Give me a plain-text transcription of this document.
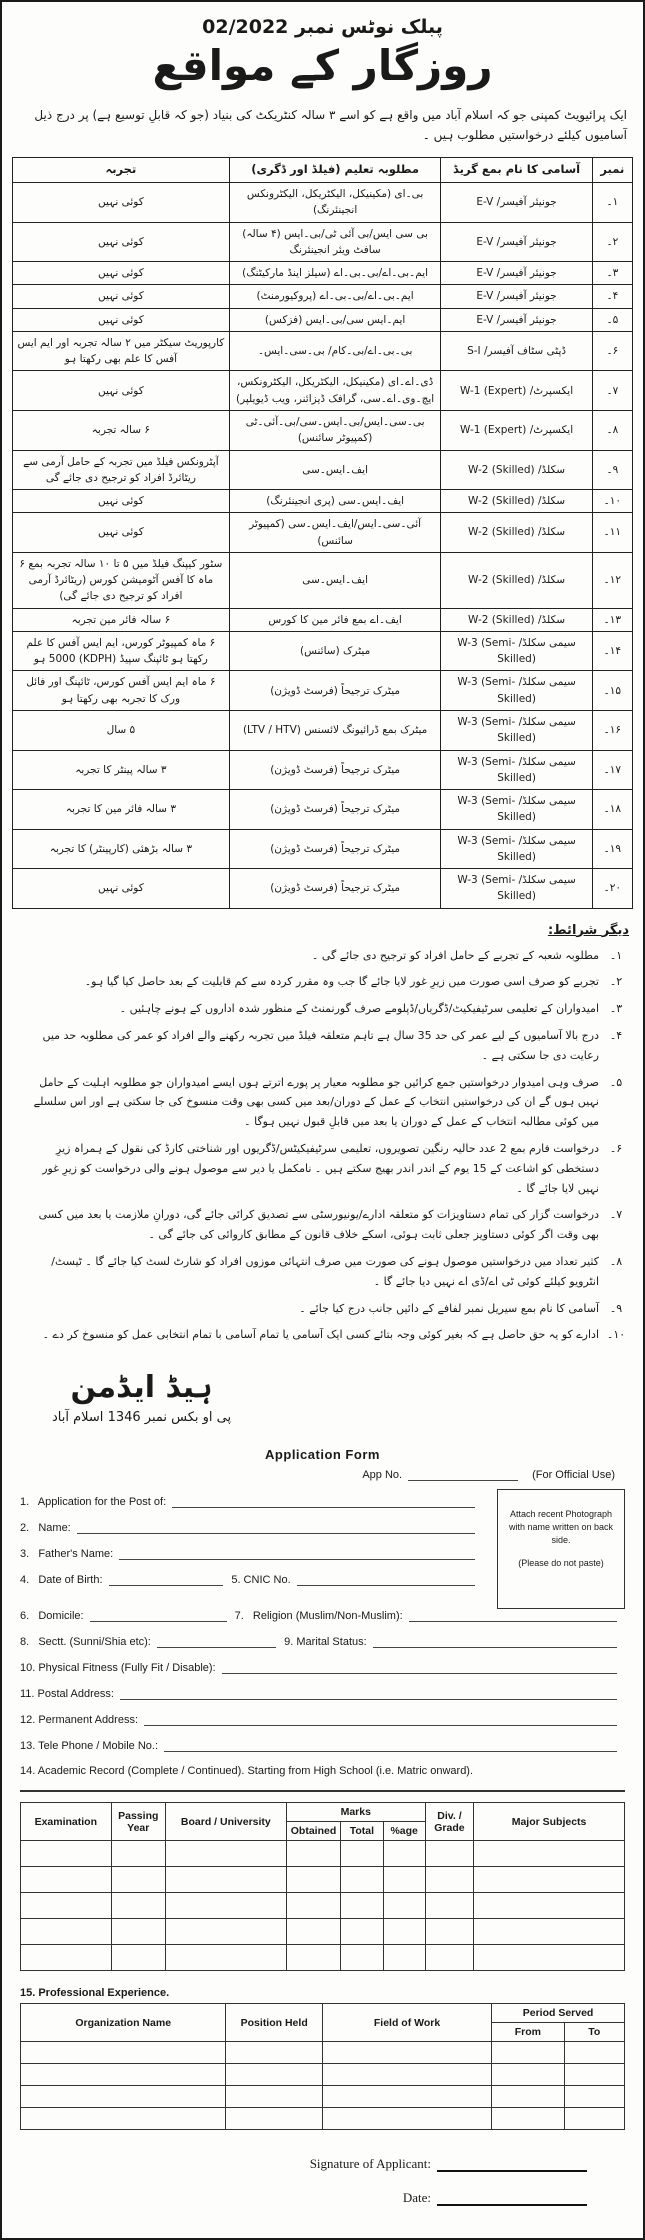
پبلک نوٹس نمبر 02/2022
روزگار کے مواقع

ایک پرائیویٹ کمپنی جو کہ اسلام آباد میں واقع ہے کو اسے ۳ سالہ کنٹریکٹ کی بنیاد (جو کہ قابلِ توسیع ہے) پر درج ذیل آسامیوں کیلئے درخواستیں مطلوب ہیں ۔

نمبر	آسامی کا نام بمع گریڈ	مطلوبہ تعلیم (فیلڈ اور ڈگری)	تجربہ
۱۔	جونیئر آفیسر/ E-V	بی۔ای (مکینیکل، الیکٹریکل، الیکٹرونکس انجینئرنگ)	کوئی نہیں
۲۔	جونیئر آفیسر/ E-V	بی سی ایس/بی آئی ٹی/بی۔ایس (۴ سالہ) سافٹ ویئر انجینئرنگ	کوئی نہیں
۳۔	جونیئر آفیسر/ E-V	ایم۔بی۔اے/بی۔بی۔اے (سیلز اینڈ مارکیٹنگ)	کوئی نہیں
۴۔	جونیئر آفیسر/ E-V	ایم۔بی۔اے/بی۔بی۔اے (پروکیورمنٹ)	کوئی نہیں
۵۔	جونیئر آفیسر/ E-V	ایم۔ایس سی/بی۔ایس (فزکس)	کوئی نہیں
۶۔	ڈپٹی سٹاف آفیسر/ S-I	بی۔بی۔اے/بی۔کام/ بی۔سی۔ایس۔	کارپوریٹ سیکٹر میں ۲ سالہ تجربہ اور ایم ایس آفس کا علم بھی رکھتا ہو
۷۔	ایکسپرٹ/ W-1 (Expert)	ڈی۔اے۔ای (مکینیکل، الیکٹریکل، الیکٹرونکس، ایچ۔وی۔اے۔سی، گرافک ڈیزائنر، ویب ڈیویلپر)	کوئی نہیں
۸۔	ایکسپرٹ/ W-1 (Expert)	بی۔سی۔ایس/بی۔ایس۔سی/بی۔آئی۔ٹی (کمپیوٹر سائنس)	۶ سالہ تجربہ
۹۔	سکلڈ/ W-2 (Skilled)	ایف۔ایس۔سی	آپٹرونکس فیلڈ میں تجربہ کے حامل آرمی سے ریٹائرڈ افراد کو ترجیح دی جائے گی
۱۰۔	سکلڈ/ W-2 (Skilled)	ایف۔ایس۔سی (پری انجینئرنگ)	کوئی نہیں
۱۱۔	سکلڈ/ W-2 (Skilled)	آئی۔سی۔ایس/ایف۔ایس۔سی (کمپیوٹر سائنس)	کوئی نہیں
۱۲۔	سکلڈ/ W-2 (Skilled)	ایف۔ایس۔سی	سٹور کیپنگ فیلڈ میں ۵ تا ۱۰ سالہ تجربہ بمع ۶ ماہ کا آفس آٹومیشن کورس (ریٹائرڈ آرمی افراد کو ترجیح دی جائے گی)
۱۳۔	سکلڈ/ W-2 (Skilled)	ایف۔اے بمع فائر مین کا کورس	۶ سالہ فائر مین تجربہ
۱۴۔	سیمی سکلڈ/ W-3 (Semi-Skilled)	میٹرک (سائنس)	۶ ماہ کمپیوٹر کورس، ایم ایس آفس کا علم رکھتا ہو ٹائپنگ سپیڈ (KDPH) 5000 ہو
۱۵۔	سیمی سکلڈ/ W-3 (Semi-Skilled)	میٹرک ترجیحاً (فرسٹ ڈویژن)	۶ ماہ ایم ایس آفس کورس، ٹائپنگ اور فائل ورک کا تجربہ بھی رکھتا ہو
۱۶۔	سیمی سکلڈ/ W-3 (Semi-Skilled)	میٹرک بمع ڈرائیونگ لائسنس (LTV / HTV)	۵ سال
۱۷۔	سیمی سکلڈ/ W-3 (Semi-Skilled)	میٹرک ترجیحاً (فرسٹ ڈویژن)	۳ سالہ پینٹر کا تجربہ
۱۸۔	سیمی سکلڈ/ W-3 (Semi-Skilled)	میٹرک ترجیحاً (فرسٹ ڈویژن)	۳ سالہ فائر مین کا تجربہ
۱۹۔	سیمی سکلڈ/ W-3 (Semi-Skilled)	میٹرک ترجیحاً (فرسٹ ڈویژن)	۳ سالہ بڑھئی (کارپینٹر) کا تجربہ
۲۰۔	سیمی سکلڈ/ W-3 (Semi-Skilled)	میٹرک ترجیحاً (فرسٹ ڈویژن)	کوئی نہیں
دیگر شرائط:
۱۔
مطلوبہ شعبہ کے تجربے کے حامل افراد کو ترجیح دی جائے گی ۔
۲۔
تجربے کو صرف اسی صورت میں زیرِ غور لایا جائے گا جب وہ مقرر کردہ سے کم قابلیت کے بعد حاصل کیا گیا ہو۔
۳۔
امیدواران کے تعلیمی سرٹیفیکیٹ/ڈگریاں/ڈپلومے صرف گورنمنٹ کے منظور شدہ اداروں کے ہونے چاہئیں ۔
۴۔
درج بالا آسامیوں کے لیے عمر کی حد 35 سال ہے تاہم متعلقہ فیلڈ میں تجربہ رکھنے والے افراد کو عمر کی مطلوبہ حد میں رعایت دی جا سکتی ہے ۔
۵۔
صرف وہی امیدوار درخواستیں جمع کرائیں جو مطلوبہ معیار پر پورے اترتے ہوں ایسے امیدواران جو مطلوبہ اہلیت کے حامل نہیں ہوں گے ان کی درخواستیں انتخاب کے عمل کے دوران/بعد میں کسی بھی وقت منسوخ کی جا سکتی ہے اور اس سلسلے میں کوئی مطالبہ انتخاب کے عمل کے دوران یا بعد میں قابلِ قبول نہیں ہوگا ۔
۶۔
درخواست فارم بمع 2 عدد حالیہ رنگین تصویروں، تعلیمی سرٹیفیکیٹس/ڈگریوں اور شناختی کارڈ کی نقول کے ہمراہ زیرِ دستخطی کو اشاعت کے 15 یوم کے اندر اندر بھیج سکتے ہیں ۔ نامکمل یا دیر سے موصول ہونے والی درخواست کو زیرِ غور نہیں لایا جائے گا ۔
۷۔
درخواست گزار کی تمام دستاویزات کو متعلقہ ادارے/یونیورسٹی سے تصدیق کرائی جائے گی، دورانِ ملازمت یا بعد میں کسی بھی وقت اگر کوئی دستاویز جعلی ثابت ہوئی، اسکے خلاف قانون کے مطابق کاروائی کی جائے گی ۔
۸۔
کثیر تعداد میں درخواستیں موصول ہونے کی صورت میں صرف انتہائی موزوں افراد کو شارٹ لسٹ کیا جائے گا ۔ ٹیسٹ/انٹرویو کیلئے کوئی ٹی اے/ڈی اے نہیں دیا جائے گا ۔
۹۔
آسامی کا نام بمع سیریل نمبر لفافے کے دائیں جانب درج کیا جائے ۔
۱۰۔
ادارے کو یہ حق حاصل ہے کہ بغیر کوئی وجہ بتائے کسی ایک آسامی یا تمام آسامی با تمام انتخابی عمل کو منسوخ کر دے ۔
ہیڈ ایڈمن
پی او بکس نمبر 1346 اسلام آباد
Application Form
App No.	(For Official Use)
1.   Application for the Post of:
2.   Name:
3.   Father's Name:
4.   Date of Birth:	5. CNIC No.
Attach recent Photograph with name written on back side.
(Please do not paste)
6.   Domicile:	7.   Religion (Muslim/Non-Muslim):
8.   Sectt. (Sunni/Shia etc):	9. Marital Status:
10. Physical Fitness (Fully Fit / Disable):
11. Postal Address:
12. Permanent Address:
13. Tele Phone / Mobile No.:
14. Academic Record (Complete / Continued). Starting from High School (i.e. Matric onward).
Examination	Passing Year	Board / University	Marks			Div. / Grade	Major Subjects
			Obtained	Total	%age		

15. Professional Experience.
Organization Name	Position Held	Field of Work	Period Served	
			From	To

Signature of Applicant:
Date:
